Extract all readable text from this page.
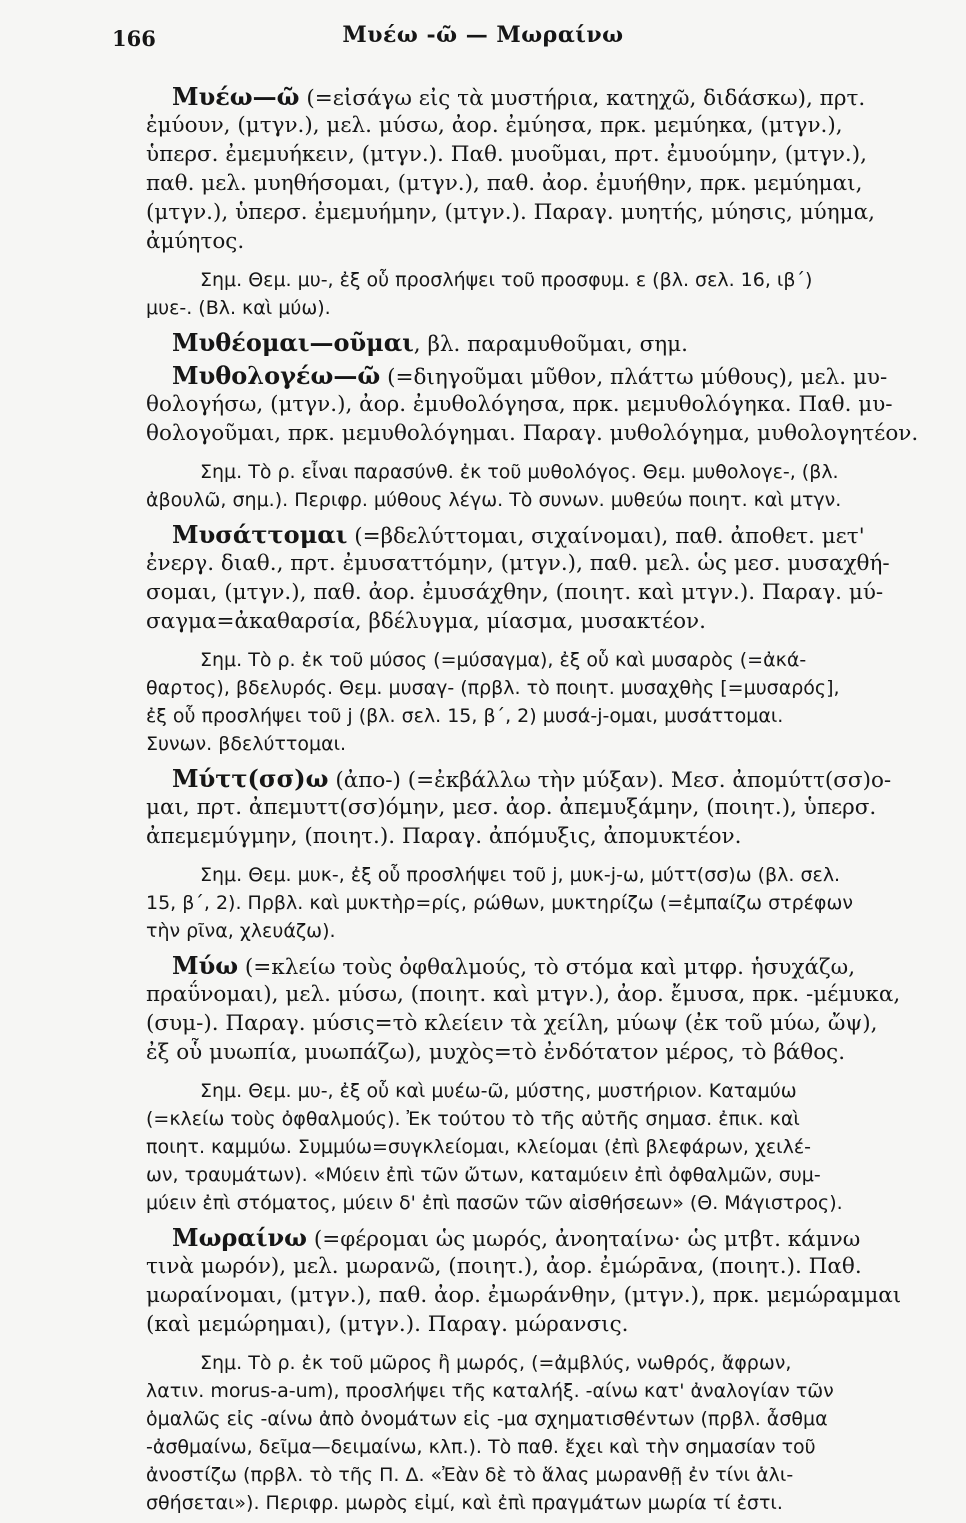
166	Μυέω -ῶ — Μωραίνω
Μυέω—ῶ (=εἰσάγω εἰς τὰ μυστήρια, κατηχῶ, διδάσκω), πρτ.
ἐμύουν, (μτγν.), μελ. μύσω, ἀορ. ἐμύησα, πρκ. μεμύηκα, (μτγν.),
ὑπερσ. ἐμεμυήκειν, (μτγν.). Παθ. μυοῦμαι, πρτ. ἐμυούμην, (μτγν.),
παθ. μελ. μυηθήσομαι, (μτγν.), παθ. ἀορ. ἐμυήθην, πρκ. μεμύημαι,
(μτγν.), ὑπερσ. ἐμεμυήμην, (μτγν.). Παραγ. μυητής, μύησις, μύημα,
ἀμύητος.
Σημ. Θεμ. μυ-, ἐξ οὗ προσλήψει τοῦ προσφυμ. ε (βλ. σελ. 16, ιβ΄)
μυε-. (Βλ. καὶ μύω).
Μυθέομαι—οῦμαι, βλ. παραμυθοῦμαι, σημ.
Μυθολογέω—ῶ (=διηγοῦμαι μῦθον, πλάττω μύθους), μελ. μυ-
θολογήσω, (μτγν.), ἀορ. ἐμυθολόγησα, πρκ. μεμυθολόγηκα. Παθ. μυ-
θολογοῦμαι, πρκ. μεμυθολόγημαι. Παραγ. μυθολόγημα, μυθολογητέον.
Σημ. Τὸ ρ. εἶναι παρασύνθ. ἐκ τοῦ μυθολόγος. Θεμ. μυθολογε-, (βλ.
ἀβουλῶ, σημ.). Περιφρ. μύθους λέγω. Τὸ συνων. μυθεύω ποιητ. καὶ μτγν.
Μυσάττομαι (=βδελύττομαι, σιχαίνομαι), παθ. ἀποθετ. μετ'
ἐνεργ. διαθ., πρτ. ἐμυσαττόμην, (μτγν.), παθ. μελ. ὡς μεσ. μυσαχθή-
σομαι, (μτγν.), παθ. ἀορ. ἐμυσάχθην, (ποιητ. καὶ μτγν.). Παραγ. μύ-
σαγμα=ἀκαθαρσία, βδέλυγμα, μίασμα, μυσακτέον.
Σημ. Τὸ ρ. ἐκ τοῦ μύσος (=μύσαγμα), ἐξ οὗ καὶ μυσαρὸς (=ἀκά-
θαρτος), βδελυρός. Θεμ. μυσαγ- (πρβλ. τὸ ποιητ. μυσαχθὴς [=μυσαρός],
ἐξ οὗ προσλήψει τοῦ j (βλ. σελ. 15, β΄, 2) μυσά-j-ομαι, μυσάττομαι.
Συνων. βδελύττομαι.
Μύττ(σσ)ω (ἀπο-) (=ἐκβάλλω τὴν μύξαν). Μεσ. ἀπομύττ(σσ)ο-
μαι, πρτ. ἀπεμυττ(σσ)όμην, μεσ. ἀορ. ἀπεμυξάμην, (ποιητ.), ὑπερσ.
ἀπεμεμύγμην, (ποιητ.). Παραγ. ἀπόμυξις, ἀπομυκτέον.
Σημ. Θεμ. μυκ-, ἐξ οὗ προσλήψει τοῦ j, μυκ-j-ω, μύττ(σσ)ω (βλ. σελ.
15, β΄, 2). Πρβλ. καὶ μυκτὴρ=ρίς, ρώθων, μυκτηρίζω (=ἐμπαίζω στρέφων
τὴν ρῖνα, χλευάζω).
Μύω (=κλείω τοὺς ὀφθαλμούς, τὸ στόμα καὶ μτφρ. ἡσυχάζω,
πραΰνομαι), μελ. μύσω, (ποιητ. καὶ μτγν.), ἀορ. ἔμυσα, πρκ. -μέμυκα,
(συμ-). Παραγ. μύσις=τὸ κλείειν τὰ χείλη, μύωψ (ἐκ τοῦ μύω, ὤψ),
ἐξ οὗ μυωπία, μυωπάζω), μυχὸς=τὸ ἐνδότατον μέρος, τὸ βάθος.
Σημ. Θεμ. μυ-, ἐξ οὗ καὶ μυέω-ῶ, μύστης, μυστήριον. Καταμύω
(=κλείω τοὺς ὀφθαλμούς). Ἐκ τούτου τὸ τῆς αὐτῆς σημασ. ἐπικ. καὶ
ποιητ. καμμύω. Συμμύω=συγκλείομαι, κλείομαι (ἐπὶ βλεφάρων, χειλέ-
ων, τραυμάτων). «Μύειν ἐπὶ τῶν ὤτων, καταμύειν ἐπὶ ὀφθαλμῶν, συμ-
μύειν ἐπὶ στόματος, μύειν δ' ἐπὶ πασῶν τῶν αἰσθήσεων» (Θ. Μάγιστρος).
Μωραίνω (=φέρομαι ὡς μωρός, ἀνοηταίνω· ὡς μτβτ. κάμνω
τινὰ μωρόν), μελ. μωρανῶ, (ποιητ.), ἀορ. ἐμώρᾱνα, (ποιητ.). Παθ.
μωραίνομαι, (μτγν.), παθ. ἀορ. ἐμωράνθην, (μτγν.), πρκ. μεμώραμμαι
(καὶ μεμώρημαι), (μτγν.). Παραγ. μώρανσις.
Σημ. Τὸ ρ. ἐκ τοῦ μῶρος ἢ μωρός, (=ἀμβλύς, νωθρός, ἄφρων,
λατιν. morus-a-um), προσλήψει τῆς καταλήξ. -αίνω κατ' ἀναλογίαν τῶν
ὁμαλῶς εἰς -αίνω ἀπὸ ὀνομάτων εἰς -μα σχηματισθέντων (πρβλ. ἆσθμα
-ἀσθμαίνω, δεῖμα—δειμαίνω, κλπ.). Τὸ παθ. ἔχει καὶ τὴν σημασίαν τοῦ
ἀνοστίζω (πρβλ. τὸ τῆς Π. Δ. «Ἐὰν δὲ τὸ ἅλας μωρανθῇ ἐν τίνι ἁλι-
σθήσεται»). Περιφρ. μωρὸς εἰμί, καὶ ἐπὶ πραγμάτων μωρία τί ἐστι.
